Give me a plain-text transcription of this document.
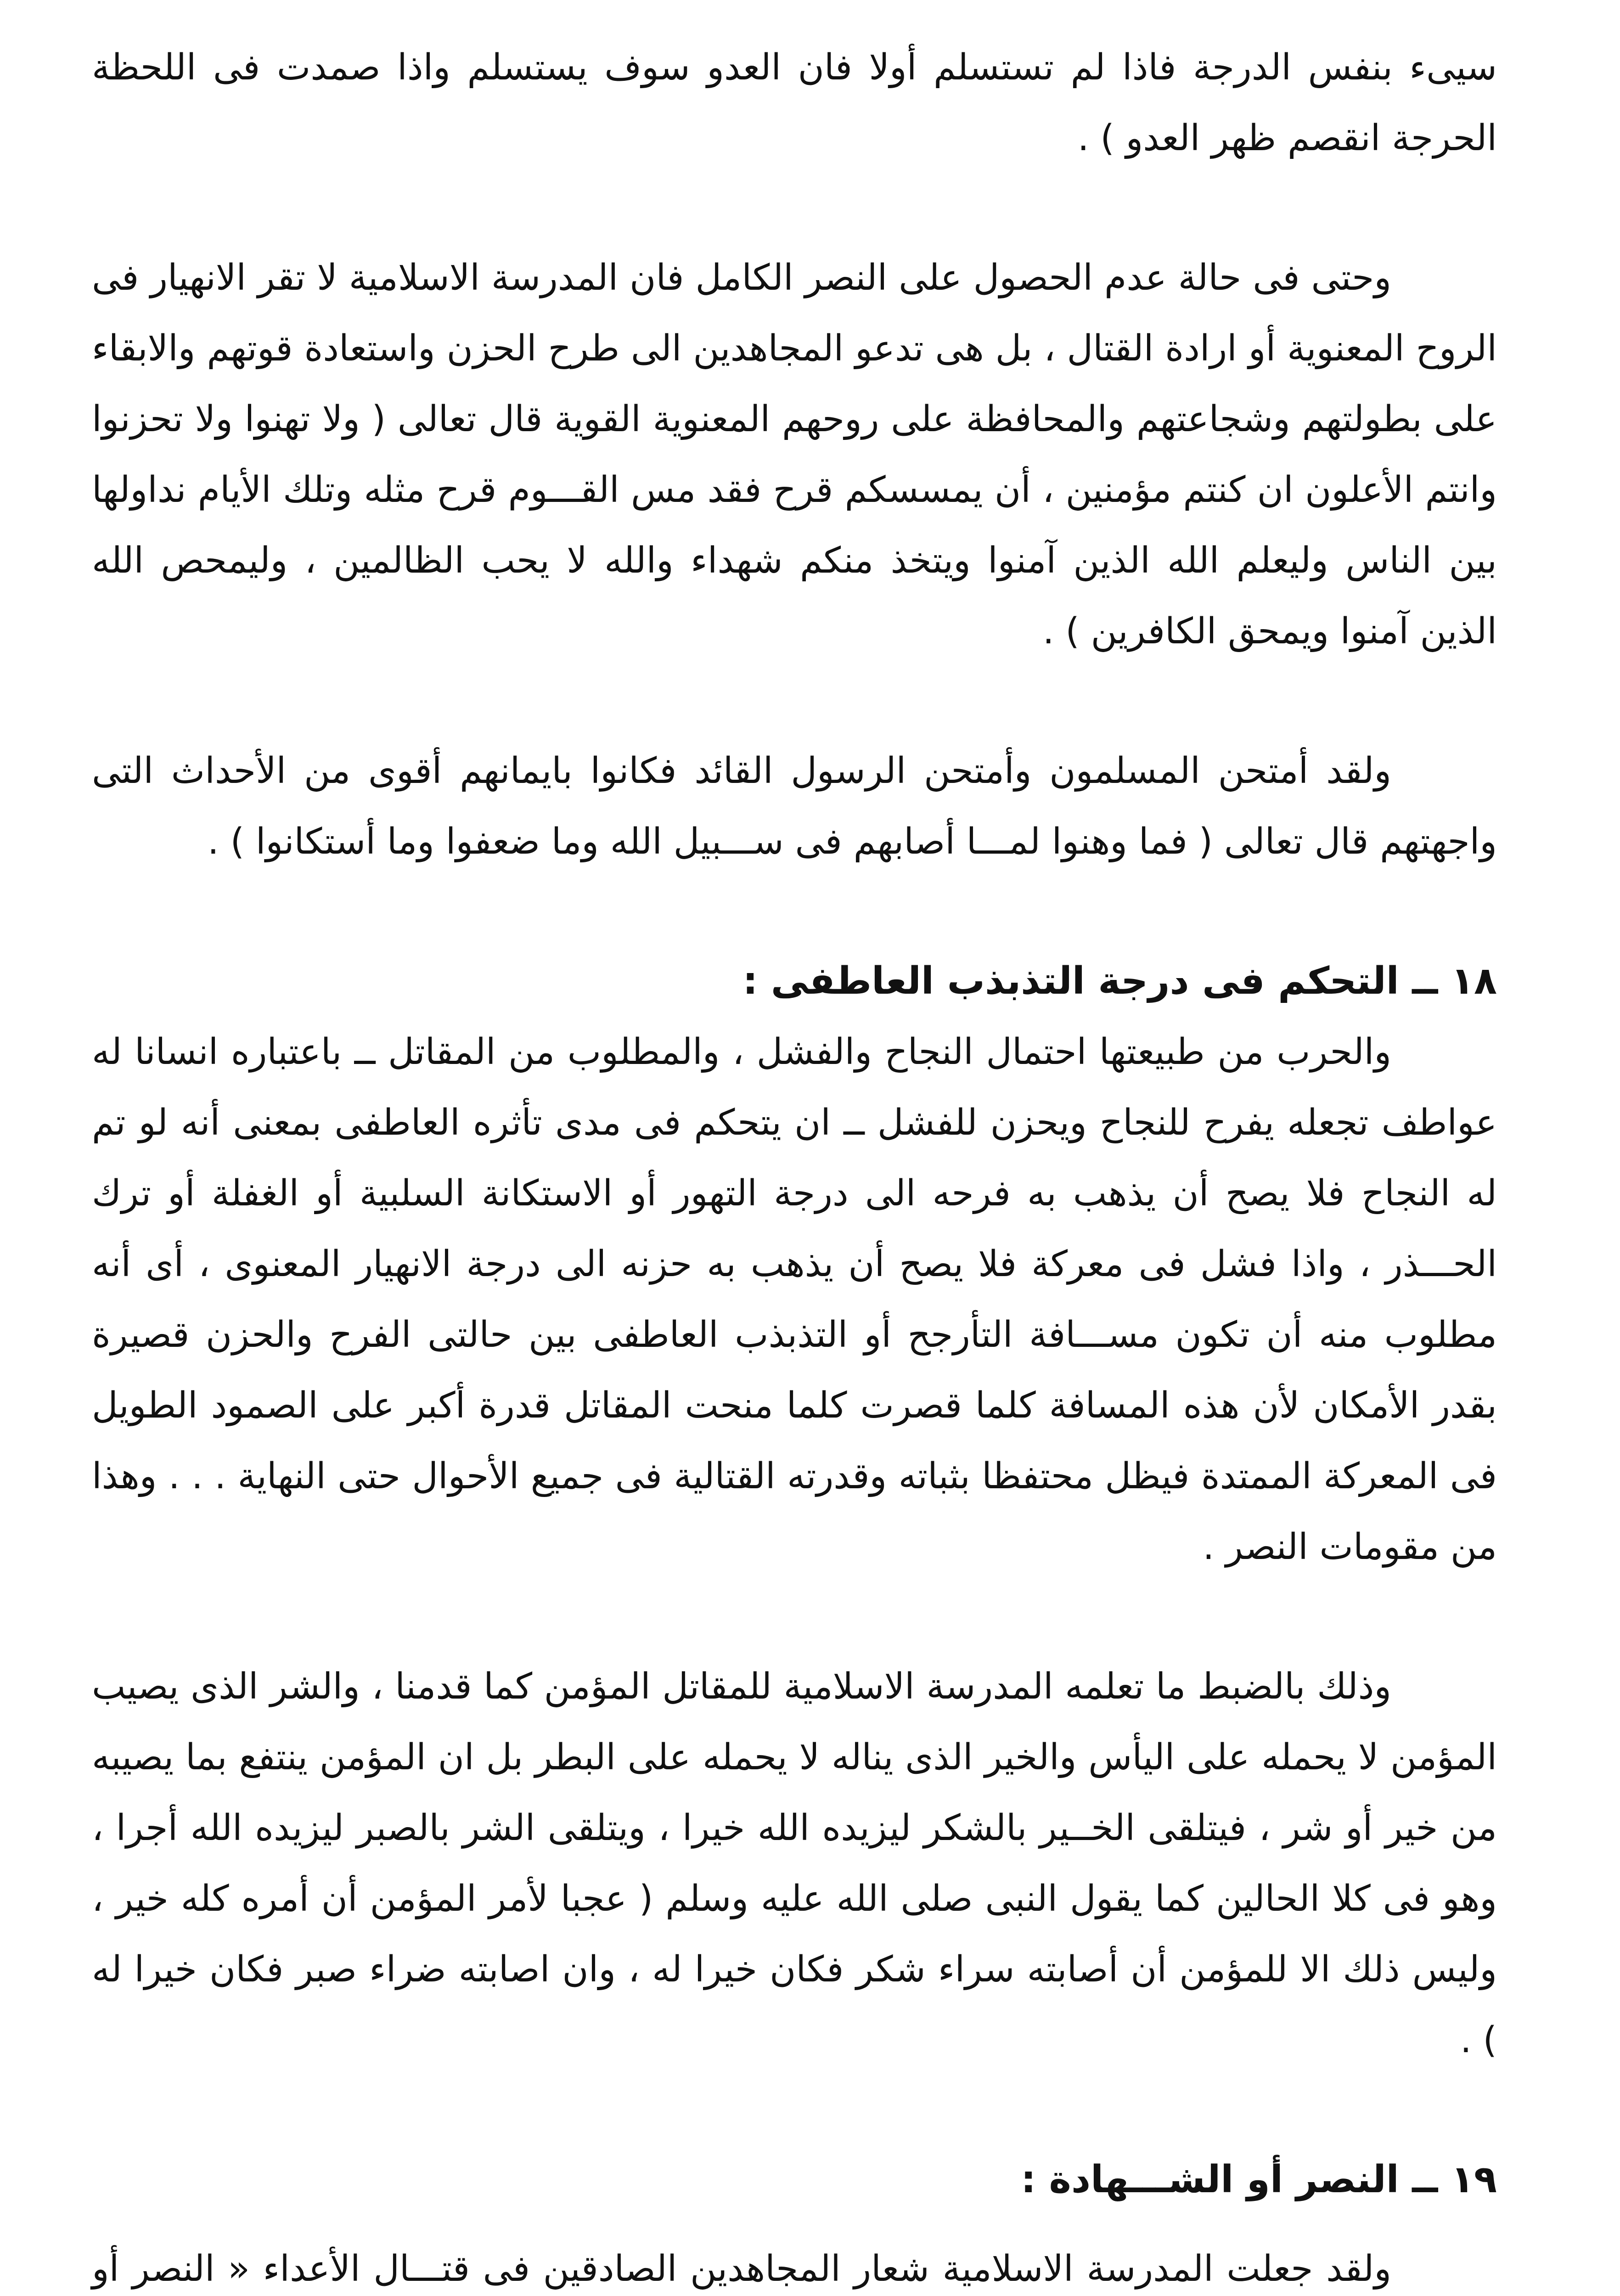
سيىء بنفس الدرجة فاذا لم تستسلم أولا فان العدو سوف يستسلم واذا صمدت فى اللحظة الحرجة انقصم ظهر العدو ) .

وحتى فى حالة عدم الحصول على النصر الكامل فان المدرسة الاسلامية لا تقر الانهيار فى الروح المعنوية أو ارادة القتال ، بل هى تدعو المجاهدين الى طرح الحزن واستعادة قوتهم والابقاء على بطولتهم وشجاعتهم والمحافظة على روحهم المعنوية القوية قال تعالى ( ولا تهنوا ولا تحزنوا وانتم الأعلون ان كنتم مؤمنين ، أن يمسسكم قرح فقد مس القـــوم قرح مثله وتلك الأيام نداولها بين الناس وليعلم الله الذين آمنوا ويتخذ منكم شهداء والله لا يحب الظالمين ، وليمحص الله الذين آمنوا ويمحق الكافرين ) .

ولقد أمتحن المسلمون وأمتحن الرسول القائد فكانوا بايمانهم أقوى من الأحداث التى واجهتهم قال تعالى ( فما وهنوا لمـــا أصابهم فى ســـبيل الله وما ضعفوا وما أستكانوا ) .

١٨ ــ التحكم فى درجة التذبذب العاطفى :

والحرب من طبيعتها احتمال النجاح والفشل ، والمطلوب من المقاتل ــ باعتباره انسانا له عواطف تجعله يفرح للنجاح ويحزن للفشل ــ ان يتحكم فى مدى تأثره العاطفى بمعنى أنه لو تم له النجاح فلا يصح أن يذهب به فرحه الى درجة التهور أو الاستكانة السلبية أو الغفلة أو ترك الحـــذر ، واذا فشل فى معركة فلا يصح أن يذهب به حزنه الى درجة الانهيار المعنوى ، أى أنه مطلوب منه أن تكون مســـافة التأرجح أو التذبذب العاطفى بين حالتى الفرح والحزن قصيرة بقدر الأمكان لأن هذه المسافة كلما قصرت كلما منحت المقاتل قدرة أكبر على الصمود الطويل فى المعركة الممتدة فيظل محتفظا بثباته وقدرته القتالية فى جميع الأحوال حتى النهاية . . . وهذا من مقومات النصر .

وذلك بالضبط ما تعلمه المدرسة الاسلامية للمقاتل المؤمن كما قدمنا ، والشر الذى يصيب المؤمن لا يحمله على اليأس والخير الذى يناله لا يحمله على البطر بل ان المؤمن ينتفع بما يصيبه من خير أو شر ، فيتلقى الخــير بالشكر ليزيده الله خيرا ، ويتلقى الشر بالصبر ليزيده الله أجرا ، وهو فى كلا الحالين كما يقول النبى صلى الله عليه وسلم ( عجبا لأمر المؤمن أن أمره كله خير ، وليس ذلك الا للمؤمن أن أصابته سراء شكر فكان خيرا له ، وان اصابته ضراء صبر فكان خيرا له ) .

١٩ ــ النصر أو الشـــهادة :

ولقد جعلت المدرسة الاسلامية شعار المجاهدين الصادقين فى قتـــال الأعداء « النصر أو
